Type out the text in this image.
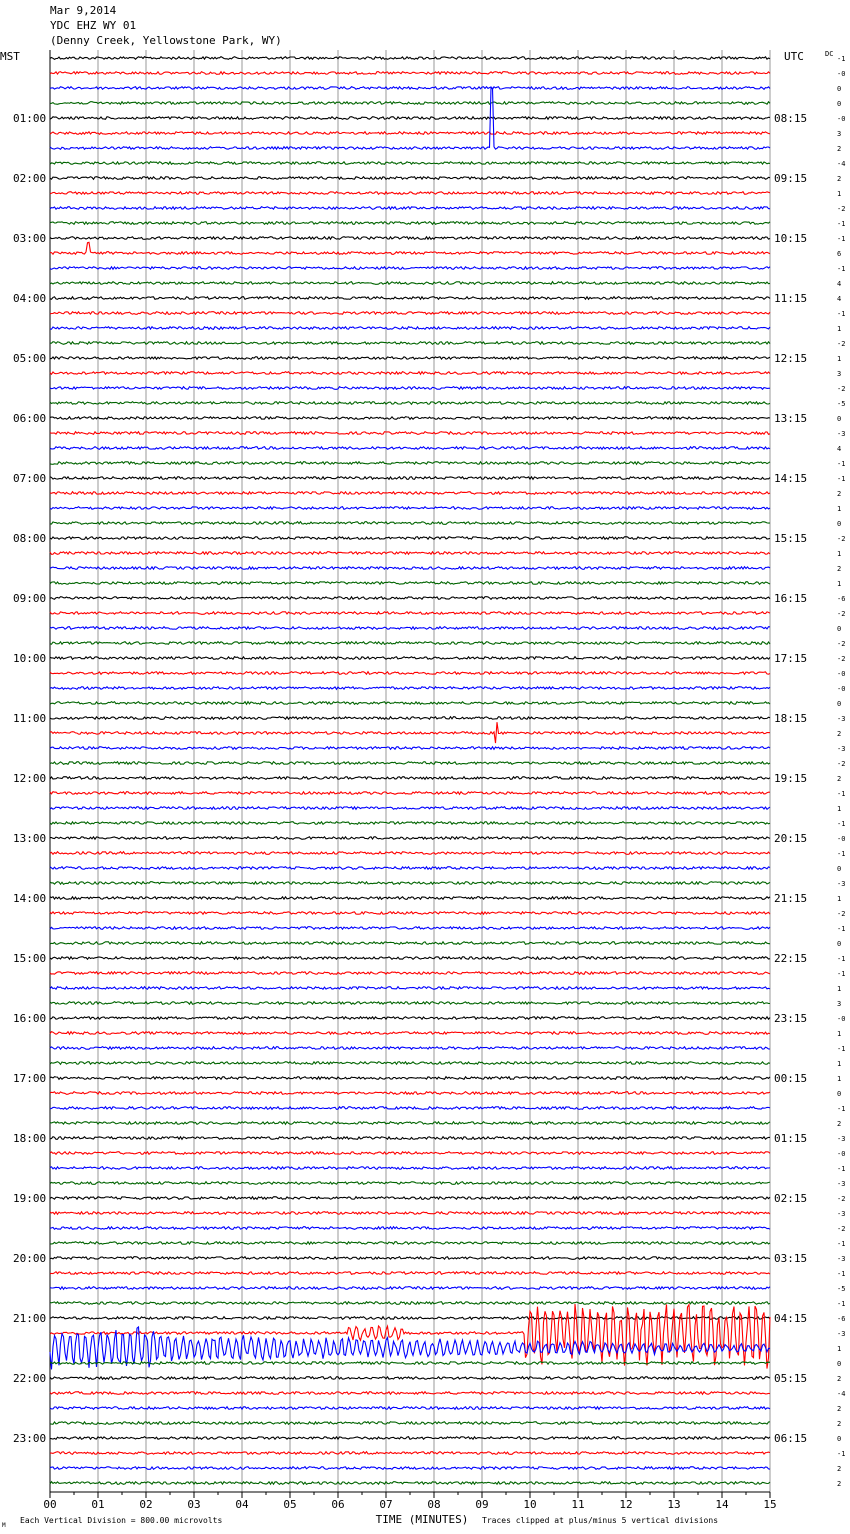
Mar 9,2014
YDC EHZ WY 01
(Denny Creek, Yellowstone Park, WY)
MST	UTC
00	01	02	03	04	05	06	07	08	09	10	11	12	13	14	15
TIME (MINUTES)
Each Vertical Division = 800.00 microvolts	Traces clipped at plus/minus 5 vertical divisions
M
DC
-1
-0
0
0
-0
3
2
-4
2
1
-2
-1
-1
6
-1
4
4
-1
1
-2
1
3
-2
-5
0
-3
4
-1
-1
2
1
0
-2
1
2
1
-6
-2
0
-2
-2
-0
-0
0
-3
2
-3
-2
2
-1
1
-1
-0
-1
0
-3
1
-2
-1
0
-1
-1
1
3
-0
1
-1
1
1
0
-1
2
-3
-0
-1
-3
-2
-3
-2
-1
-3
-1
-5
-1
-6
-3
1
0
2
-4
2
2
0
-1
2
2
01:00	08:15
02:00	09:15
03:00	10:15
04:00	11:15
05:00	12:15
06:00	13:15
07:00	14:15
08:00	15:15
09:00	16:15
10:00	17:15
11:00	18:15
12:00	19:15
13:00	20:15
14:00	21:15
15:00	22:15
16:00	23:15
17:00	00:15
18:00	01:15
19:00	02:15
20:00	03:15
21:00	04:15
22:00	05:15
23:00	06:15
